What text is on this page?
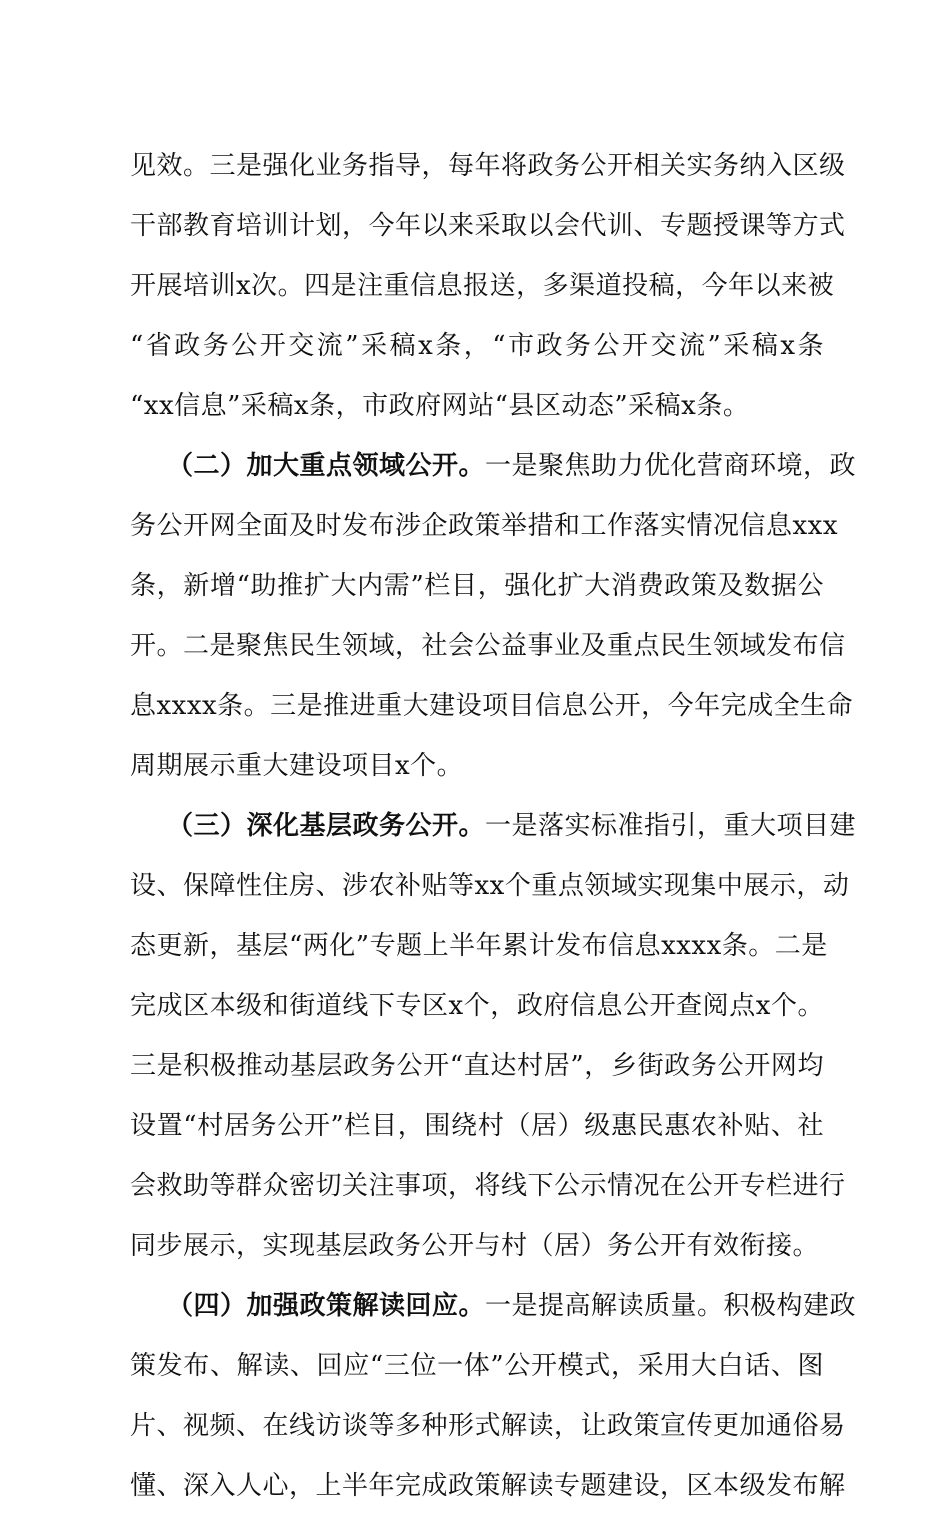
见效。三是强化业务指导，每年将政务公开相关实务纳入区级
干部教育培训计划，今年以来采取以会代训、专题授课等方式
开展培训x次。四是注重信息报送，多渠道投稿，今年以来被
“省政务公开交流”采稿x条，“市政务公开交流”采稿x条
“xx信息”采稿x条，市政府网站“县区动态”采稿x条。
（二）加大重点领域公开。一是聚焦助力优化营商环境，政
务公开网全面及时发布涉企政策举措和工作落实情况信息xxx
条，新增“助推扩大内需”栏目，强化扩大消费政策及数据公
开。二是聚焦民生领域，社会公益事业及重点民生领域发布信
息xxxx条。三是推进重大建设项目信息公开，今年完成全生命
周期展示重大建设项目x个。
（三）深化基层政务公开。一是落实标准指引，重大项目建
设、保障性住房、涉农补贴等xx个重点领域实现集中展示，动
态更新，基层“两化”专题上半年累计发布信息xxxx条。二是
完成区本级和街道线下专区x个，政府信息公开查阅点x个。
三是积极推动基层政务公开“直达村居”，乡街政务公开网均
设置“村居务公开”栏目，围绕村（居）级惠民惠农补贴、社
会救助等群众密切关注事项，将线下公示情况在公开专栏进行
同步展示，实现基层政务公开与村（居）务公开有效衔接。
（四）加强政策解读回应。一是提高解读质量。积极构建政
策发布、解读、回应“三位一体”公开模式，采用大白话、图
片、视频、在线访谈等多种形式解读，让政策宣传更加通俗易
懂、深入人心，上半年完成政策解读专题建设，区本级发布解
